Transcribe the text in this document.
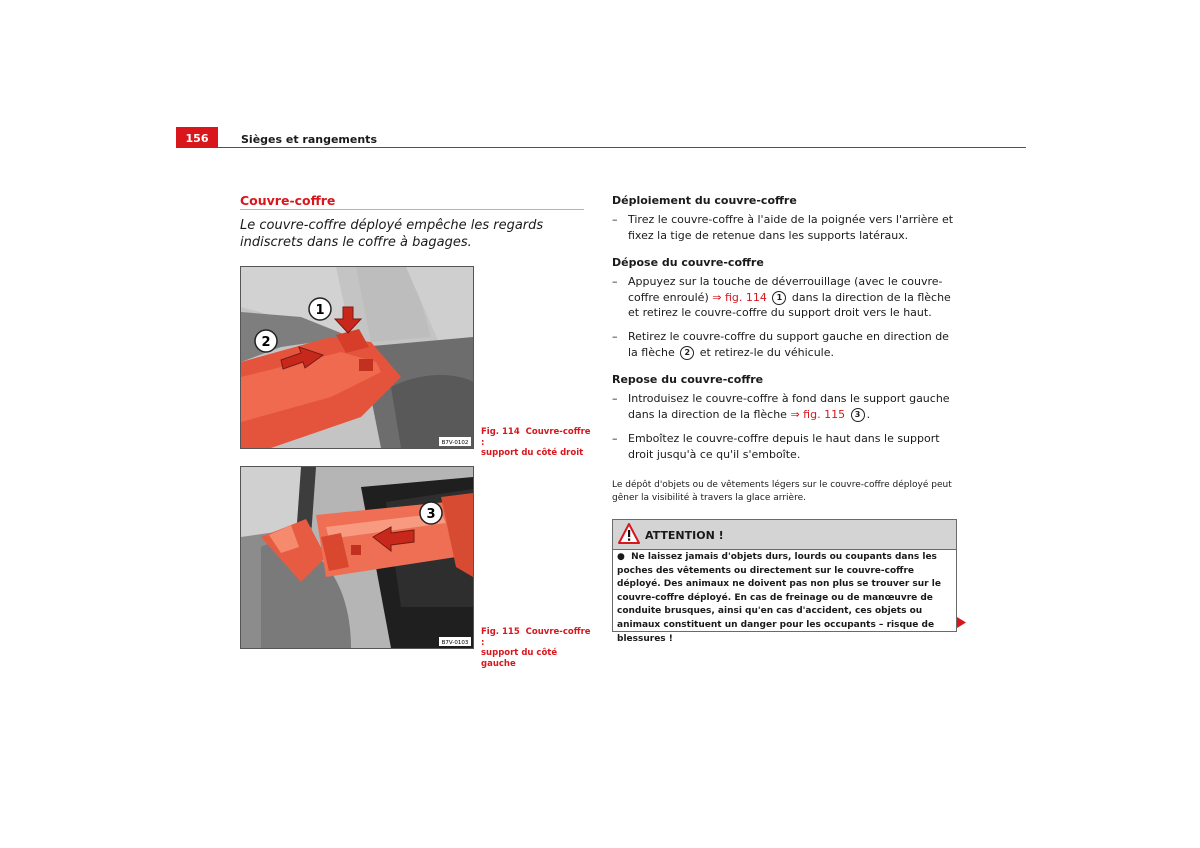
156	Sièges et rangements
Couvre-coffre

Le couvre-coffre déployé empêche les regards indiscrets dans le coffre à bagages.

1
2
B7V-0102
Fig. 114 Couvre-coffre :
support du côté droit
3
B7V-0103
Fig. 115 Couvre-coffre :
support du côté gauche
Déploiement du couvre-coffre
– Tirez le couvre-coffre à l'aide de la poignée vers l'arrière et fixez la tige de retenue dans les supports latéraux.
Dépose du couvre-coffre
– Appuyez sur la touche de déverrouillage (avec le couvre-coffre enroulé) ⇒ fig. 114 1 dans la direction de la flèche et retirez le couvre-coffre du support droit vers le haut.
– Retirez le couvre-coffre du support gauche en direction de la flèche 2 et retirez-le du véhicule.
Repose du couvre-coffre
– Introduisez le couvre-coffre à fond dans le support gauche dans la direction de la flèche ⇒ fig. 115 3 .
– Emboîtez le couvre-coffre depuis le haut dans le support droit jusqu'à ce qu'il s'emboîte.
Le dépôt d'objets ou de vêtements légers sur le couvre-coffre déployé peut gêner la visibilité à travers la glace arrière.
ATTENTION !
● Ne laissez jamais d'objets durs, lourds ou coupants dans les poches des vêtements ou directement sur le couvre-coffre déployé. Des animaux ne doivent pas non plus se trouver sur le couvre-coffre déployé. En cas de freinage ou de manœuvre de conduite brusques, ainsi qu'en cas d'accident, ces objets ou animaux constituent un danger pour les occupants – risque de blessures !
